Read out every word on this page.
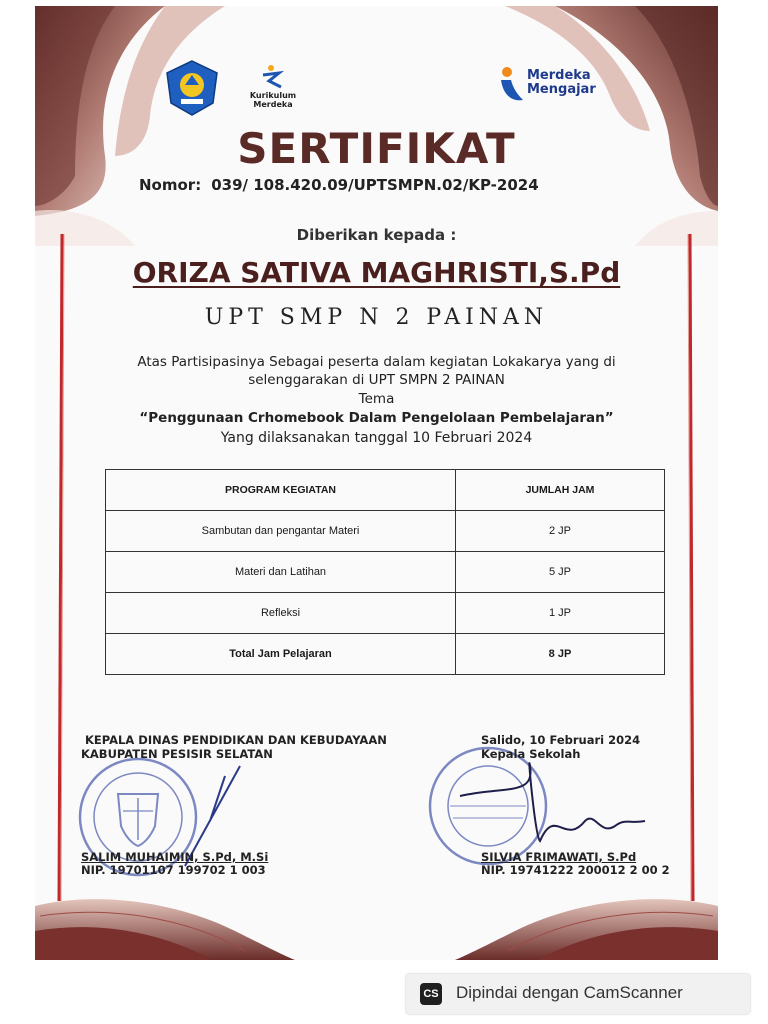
Kurikulum Merdeka
Merdeka
Mengajar
SERTIFIKAT
Nomor: 039/ 108.420.09/UPTSMPN.02/KP-2024
Diberikan kepada :
ORIZA SATIVA MAGHRISTI,S.Pd
UPT SMP N 2 PAINAN
Atas Partisipasinya Sebagai peserta dalam kegiatan Lokakarya yang di
selenggarakan di UPT SMPN 2 PAINAN
Tema
“Penggunaan Crhomebook Dalam Pengelolaan Pembelajaran”
Yang dilaksanakan tanggal 10 Februari 2024
PROGRAM KEGIATAN	JUMLAH JAM
Sambutan dan pengantar Materi	2 JP
Materi dan Latihan	5 JP
Refleksi	1 JP
Total Jam Pelajaran	8 JP
KEPALA DINAS PENDIDIKAN DAN KEBUDAYAAN
KABUPATEN PESISIR SELATAN
SALIM MUHAIMIN, S.Pd, M.Si
NIP. 19701107 199702 1 003
Salido, 10 Februari 2024
Kepala Sekolah
SILVIA FRIMAWATI, S.Pd
NIP. 19741222 200012 2 00 2
CS Dipindai dengan CamScanner
